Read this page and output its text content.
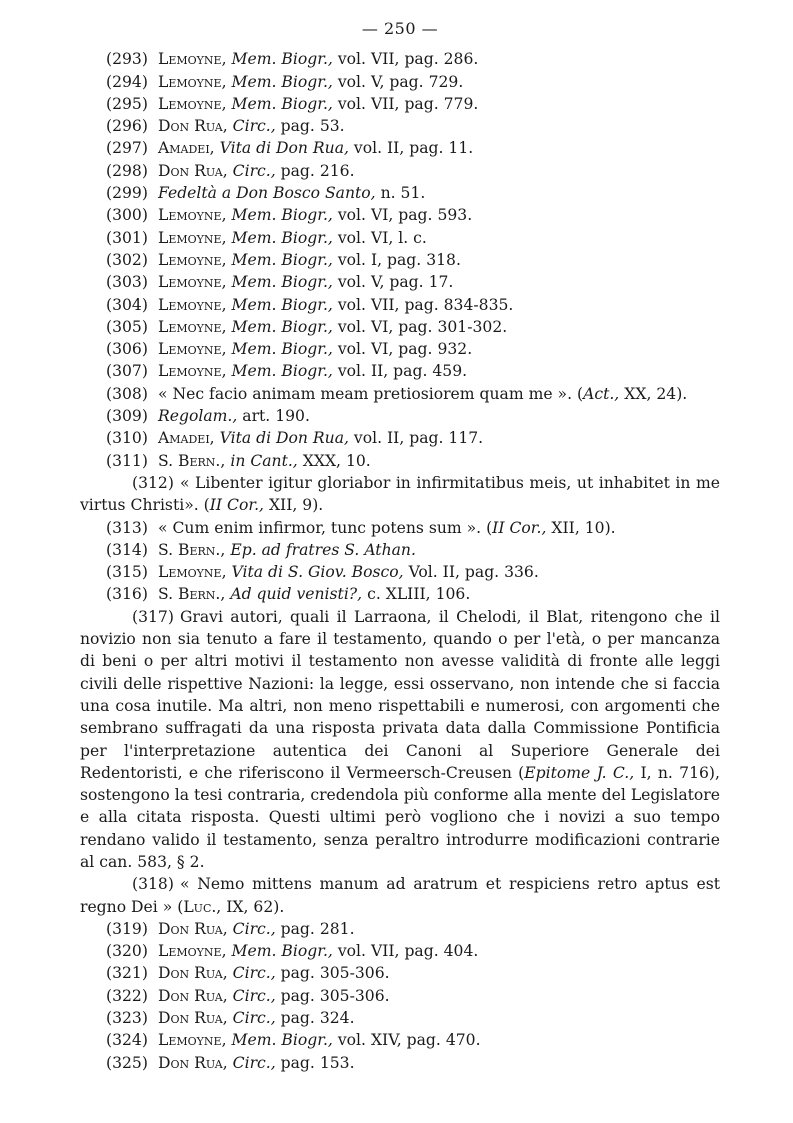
— 250 —
(293) Lemoyne, Mem. Biogr., vol. VII, pag. 286.
(294) Lemoyne, Mem. Biogr., vol. V, pag. 729.
(295) Lemoyne, Mem. Biogr., vol. VII, pag. 779.
(296) Don Rua, Circ., pag. 53.
(297) Amadei, Vita di Don Rua, vol. II, pag. 11.
(298) Don Rua, Circ., pag. 216.
(299) Fedeltà a Don Bosco Santo, n. 51.
(300) Lemoyne, Mem. Biogr., vol. VI, pag. 593.
(301) Lemoyne, Mem. Biogr., vol. VI, l. c.
(302) Lemoyne, Mem. Biogr., vol. I, pag. 318.
(303) Lemoyne, Mem. Biogr., vol. V, pag. 17.
(304) Lemoyne, Mem. Biogr., vol. VII, pag. 834-835.
(305) Lemoyne, Mem. Biogr., vol. VI, pag. 301-302.
(306) Lemoyne, Mem. Biogr., vol. VI, pag. 932.
(307) Lemoyne, Mem. Biogr., vol. II, pag. 459.
(308) « Nec facio animam meam pretiosiorem quam me ». (Act., XX, 24).
(309) Regolam., art. 190.
(310) Amadei, Vita di Don Rua, vol. II, pag. 117.
(311) S. Bern., in Cant., XXX, 10.

(312) « Libenter igitur gloriabor in infirmitatibus meis, ut inhabitet in me virtus Christi». (II Cor., XII, 9).

(313) « Cum enim infirmor, tunc potens sum ». (II Cor., XII, 10).
(314) S. Bern., Ep. ad fratres S. Athan.
(315) Lemoyne, Vita di S. Giov. Bosco, Vol. II, pag. 336.
(316) S. Bern., Ad quid venisti?, c. XLIII, 106.

(317) Gravi autori, quali il Larraona, il Chelodi, il Blat, ritengono che il novizio non sia tenuto a fare il testamento, quando o per l'età, o per mancanza di beni o per altri motivi il testamento non avesse validità di fronte alle leggi civili delle rispettive Nazioni: la legge, essi osservano, non intende che si faccia una cosa inutile. Ma altri, non meno rispettabili e numerosi, con argomenti che sembrano suffragati da una risposta privata data dalla Commissione Pontificia per l'interpretazione autentica dei Canoni al Superiore Generale dei Redentoristi, e che riferiscono il Vermeersch-Creusen (Epitome J. C., I, n. 716), sostengono la tesi contraria, credendola più conforme alla mente del Legislatore e alla citata risposta. Questi ultimi però vogliono che i novizi a suo tempo rendano valido il testamento, senza peraltro introdurre modificazioni contrarie al can. 583, § 2.

(318) « Nemo mittens manum ad aratrum et respiciens retro aptus est regno Dei » (Luc., IX, 62).

(319) Don Rua, Circ., pag. 281.
(320) Lemoyne, Mem. Biogr., vol. VII, pag. 404.
(321) Don Rua, Circ., pag. 305-306.
(322) Don Rua, Circ., pag. 305-306.
(323) Don Rua, Circ., pag. 324.
(324) Lemoyne, Mem. Biogr., vol. XIV, pag. 470.
(325) Don Rua, Circ., pag. 153.
